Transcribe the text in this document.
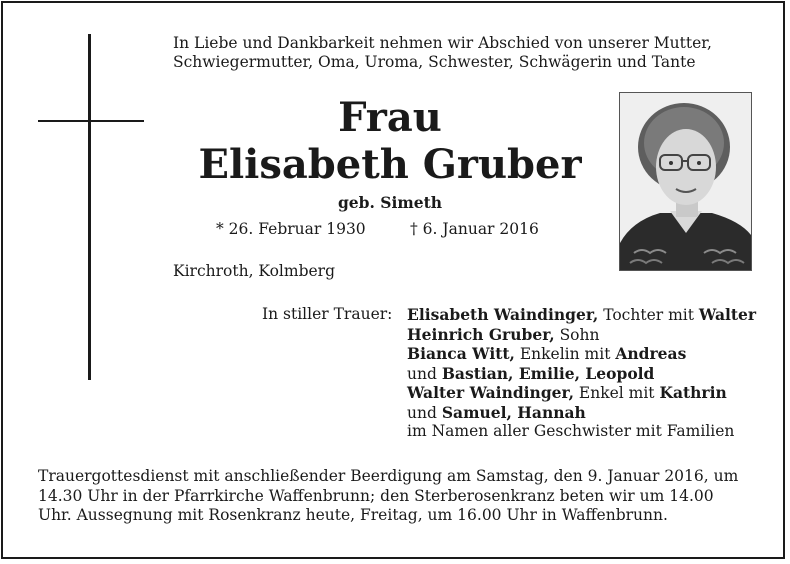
In Liebe und Dankbarkeit nehmen wir Abschied von unserer Mutter,
Schwiegermutter, Oma, Uroma, Schwester, Schwägerin und Tante
Frau
Elisabeth Gruber
geb. Simeth
* 26. Februar 1930	† 6. Januar 2016
Kirchroth, Kolmberg
In stiller Trauer: Elisabeth Waindinger, Tochter mit Walter
Heinrich Gruber, Sohn
Bianca Witt, Enkelin mit Andreas
und Bastian, Emilie, Leopold
Walter Waindinger, Enkel mit Kathrin
und Samuel, Hannah
im Namen aller Geschwister mit Familien
Trauergottesdienst mit anschließender Beerdigung am Samstag, den 9. Januar 2016, um
14.30 Uhr in der Pfarrkirche Waffenbrunn; den Sterberosenkranz beten wir um 14.00
Uhr. Aussegnung mit Rosenkranz heute, Freitag, um 16.00 Uhr in Waffenbrunn.
